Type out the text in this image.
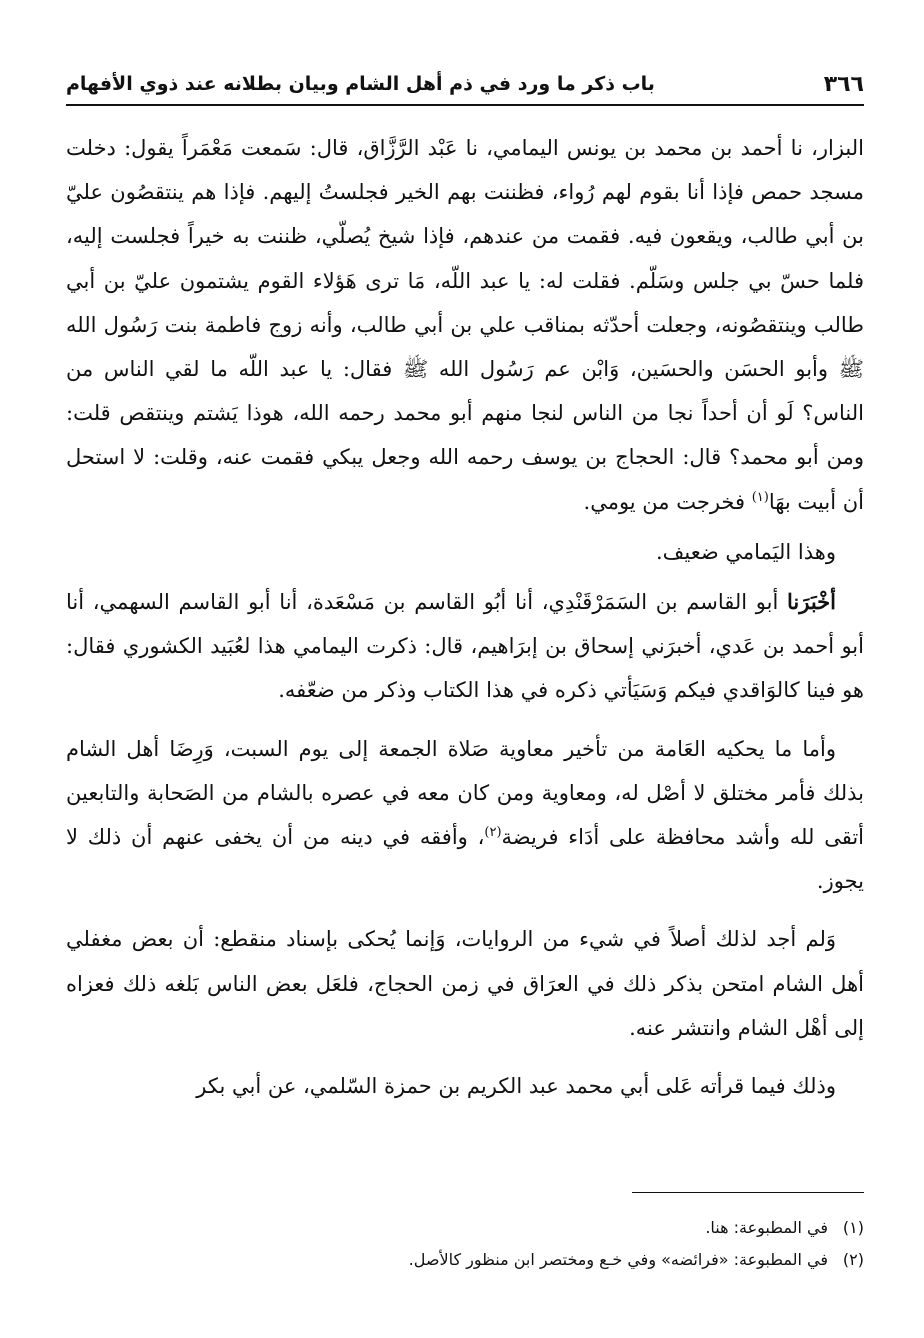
٣٦٦
باب ذكر ما ورد في ذم أهل الشام وبيان بطلانه عند ذوي الأفهام

البزار، نا أحمد بن محمد بن يونس اليمامي، نا عَبْد الرَّزَّاق، قال: سَمعت مَعْمَراً يقول: دخلت مسجد حمص فإذا أنا بقوم لهم رُواء، فظننت بهم الخير فجلستُ إليهم. فإذا هم ينتقصُون عليّ بن أبي طالب، ويقعون فيه. فقمت من عندهم، فإذا شيخ يُصلّي، ظننت به خيراً فجلست إليه، فلما حسّ بي جلس وسَلّم. فقلت له: يا عبد اللّه، مَا ترى هَؤلاء القوم يشتمون عليّ بن أبي طالب وينتقصُونه، وجعلت أحدّثه بمناقب علي بن أبي طالب، وأنه زوج فاطمة بنت رَسُول الله ﷺ وأبو الحسَن والحسَين، وَابْن عم رَسُول الله ﷺ فقال: يا عبد اللّه ما لقي الناس من الناس؟ لَو أن أحداً نجا من الناس لنجا منهم أبو محمد رحمه الله، هوذا يَشتم وينتقص قلت: ومن أبو محمد؟ قال: الحجاج بن يوسف رحمه الله وجعل يبكي فقمت عنه، وقلت: لا استحل أن أبيت بهَا$^{(١)}$ فخرجت من يومي.

وهذا اليَمامي ضعيف.

أخْبَرَنا أبو القاسم بن السَمَرْقَنْدِي، أنا أبُو القاسم بن مَسْعَدة، أنا أبو القاسم السهمي، أنا أبو أحمد بن عَدي، أخبرَني إسحاق بن إبرَاهيم، قال: ذكرت اليمامي هذا لعُبَيد الكشوري فقال: هو فينا كالوَاقدي فيكم وَسَيَأتي ذكره في هذا الكتاب وذكر من ضعّفه.

وأما ما يحكيه العَامة من تأخير معاوية صَلاة الجمعة إلى يوم السبت، وَرِضَا أهل الشام بذلك فأمر مختلق لا أصْل له، ومعاوية ومن كان معه في عصره بالشام من الصَحابة والتابعين أتقى لله وأشد محافظة على أدَاء فريضة$^{(٢)}$، وأفقه في دينه من أن يخفى عنهم أن ذلك لا يجوز.

وَلم أجد لذلك أصلاً في شيء من الروايات، وَإنما يُحكى بإسناد منقطع: أن بعض مغفلي أهل الشام امتحن بذكر ذلك في العرَاق في زمن الحجاج، فلعَل بعض الناس بَلغه ذلك فعزاه إلى أهْل الشام وانتشر عنه.

وذلك فيما قرأته عَلى أبي محمد عبد الكريم بن حمزة السّلمي، عن أبي بكر

(١)في المطبوعة: هنا.

(٢)في المطبوعة: «فرائضه» وفي خـع ومختصر ابن منظور كالأصل.
